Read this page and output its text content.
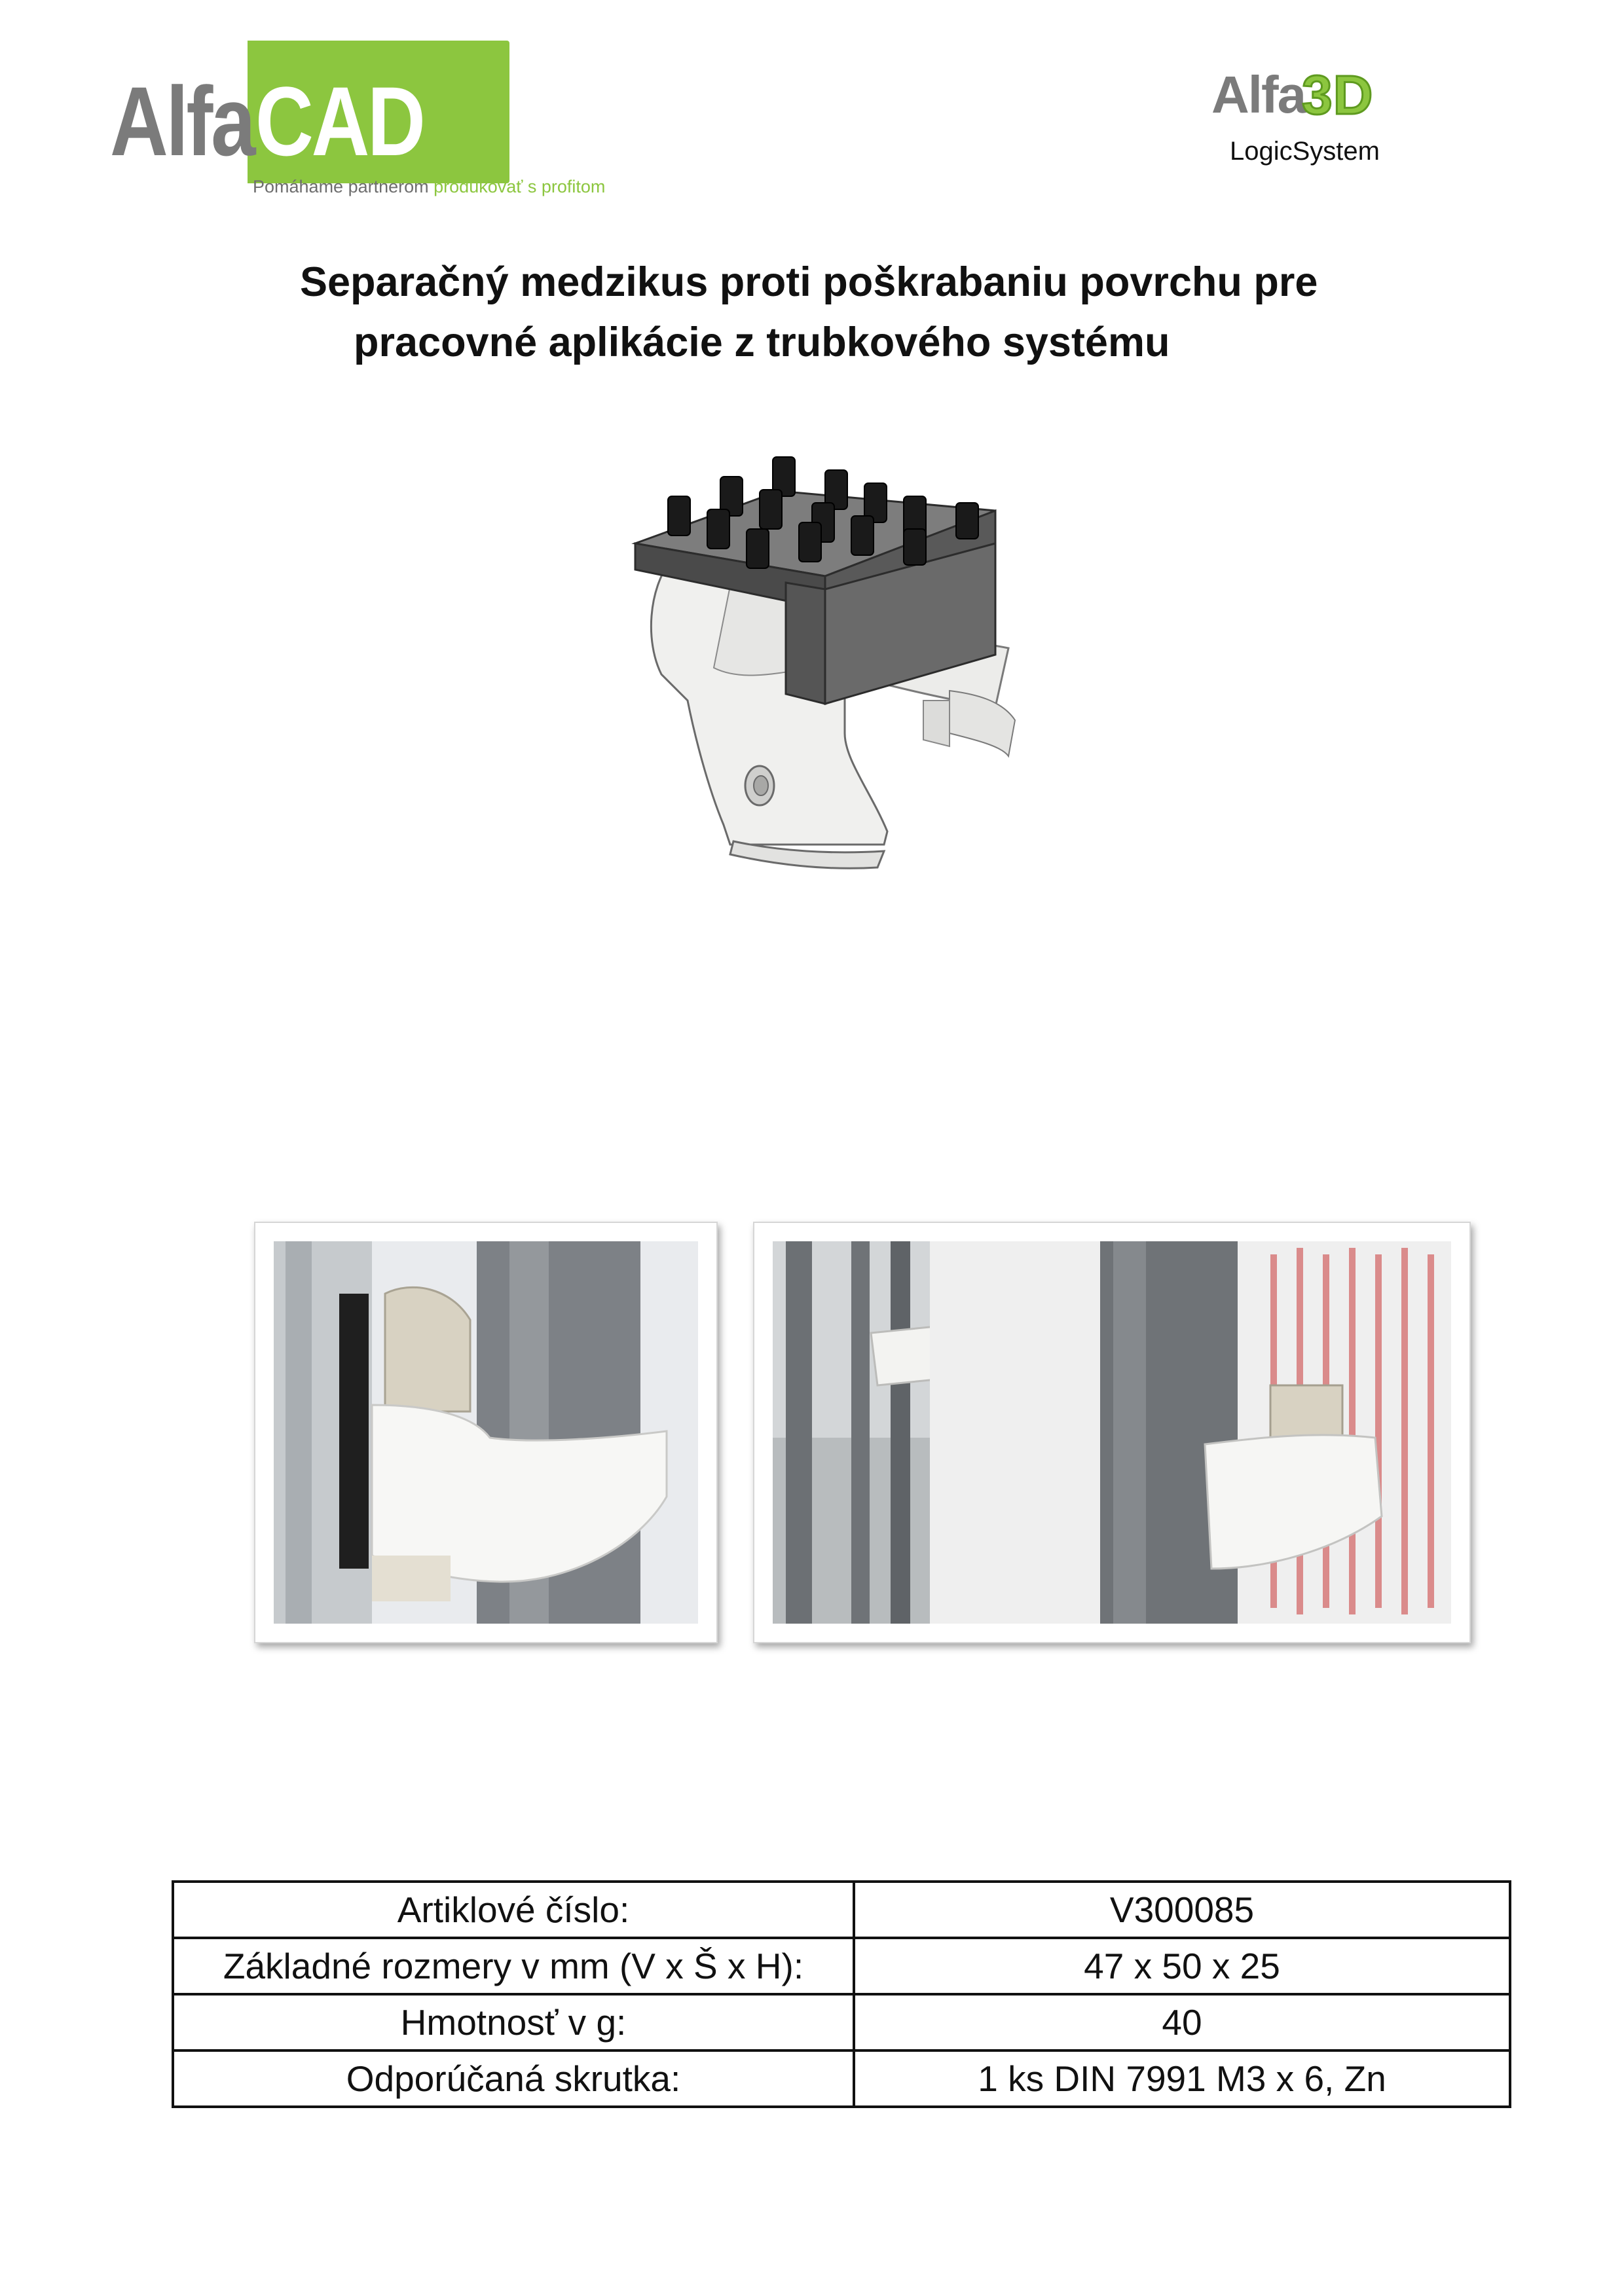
Alfa CAD
Pomáhame partnerom produkovať s profitom
Alfa
3D
LogicSystem
Separačný medzikus proti poškrabaniu povrchu pre
pracovné aplikácie z trubkového systému
Artiklové číslo:	V300085
Základné rozmery v mm (V x Š x H):	47 x 50 x 25
Hmotnosť v g:	40
Odporúčaná skrutka:	1 ks DIN 7991 M3 x 6, Zn
